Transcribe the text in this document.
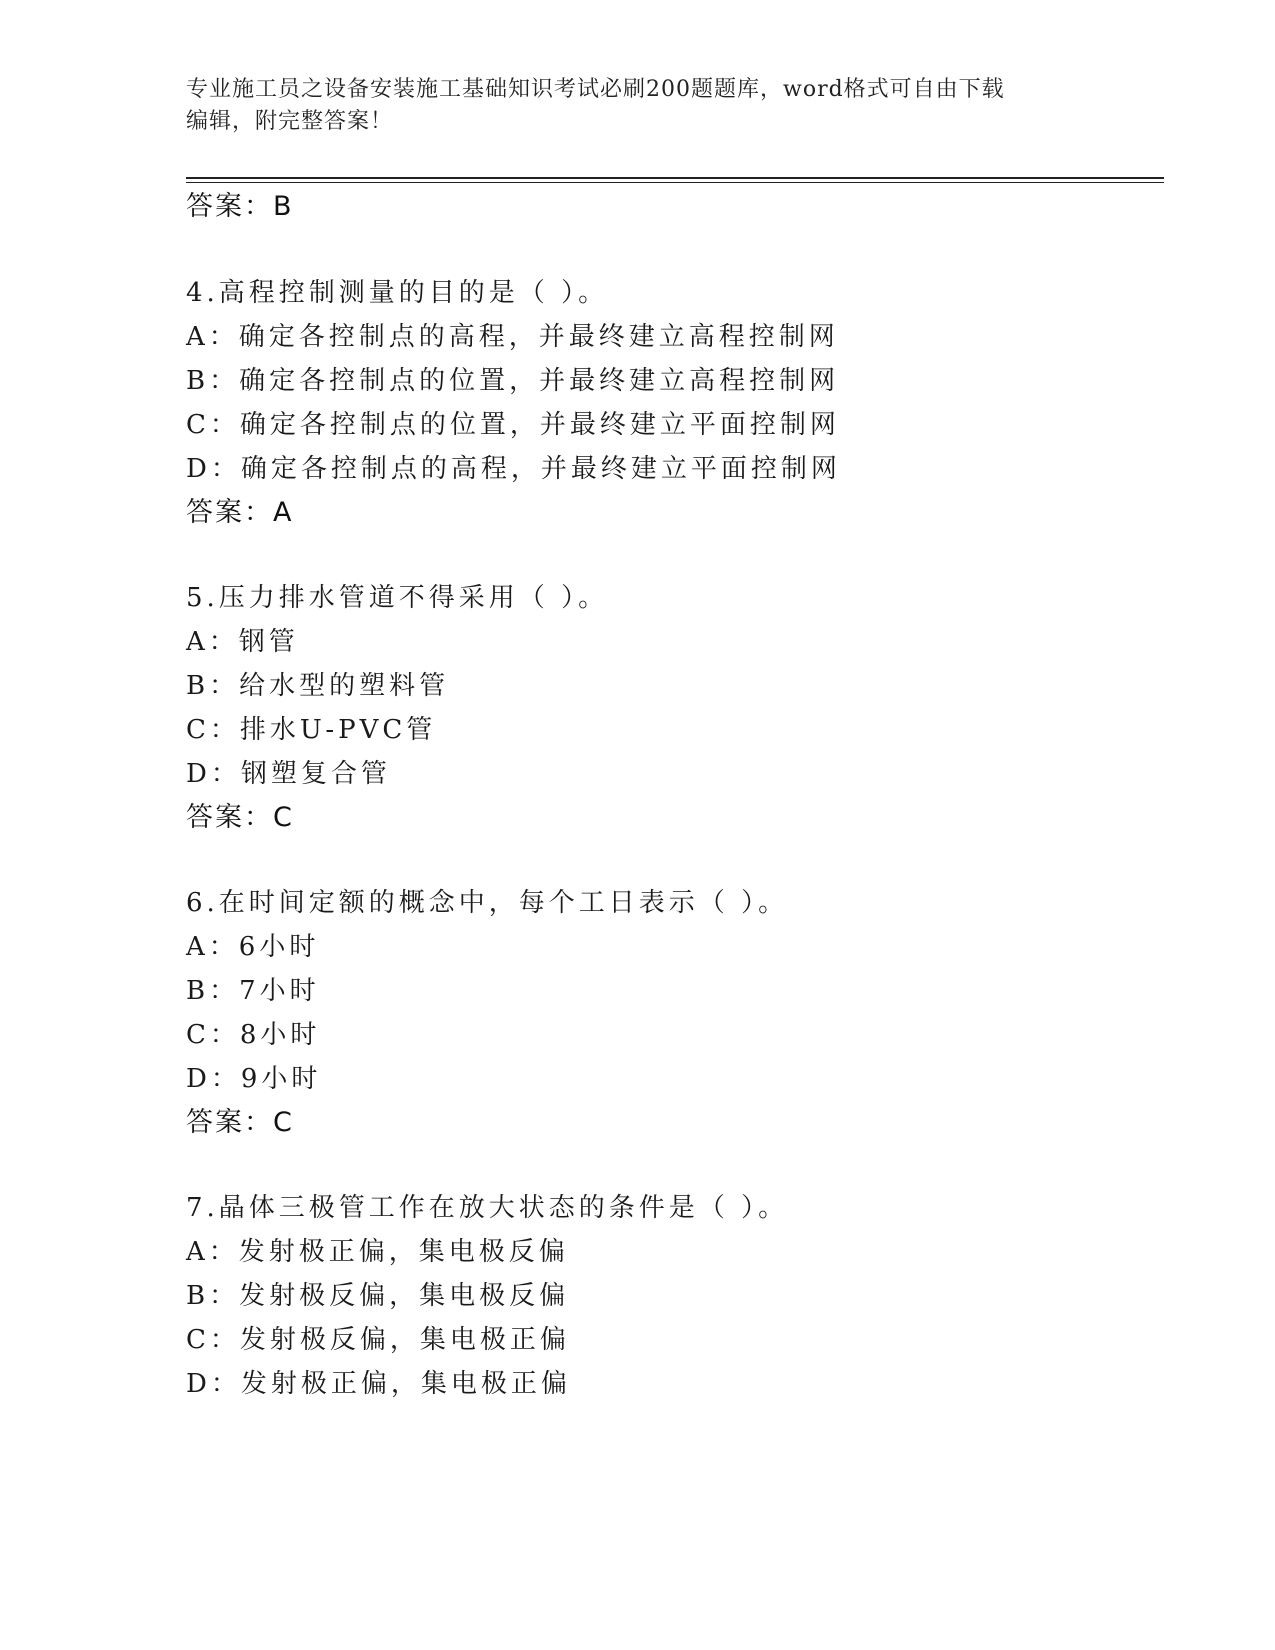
专业施工员之设备安装施工基础知识考试必刷200题题库，word格式可自由下载
编辑，附完整答案！
答案：B
4.高程控制测量的目的是（ ）。
A：确定各控制点的高程，并最终建立高程控制网
B：确定各控制点的位置，并最终建立高程控制网
C：确定各控制点的位置，并最终建立平面控制网
D：确定各控制点的高程，并最终建立平面控制网
答案：A
5.压力排水管道不得采用（ ）。
A：钢管
B：给水型的塑料管
C：排水U-PVC管
D：钢塑复合管
答案：C
6.在时间定额的概念中，每个工日表示（ ）。
A：6小时
B：7小时
C：8小时
D：9小时
答案：C
7.晶体三极管工作在放大状态的条件是（ ）。
A：发射极正偏，集电极反偏
B：发射极反偏，集电极反偏
C：发射极反偏，集电极正偏
D：发射极正偏，集电极正偏
